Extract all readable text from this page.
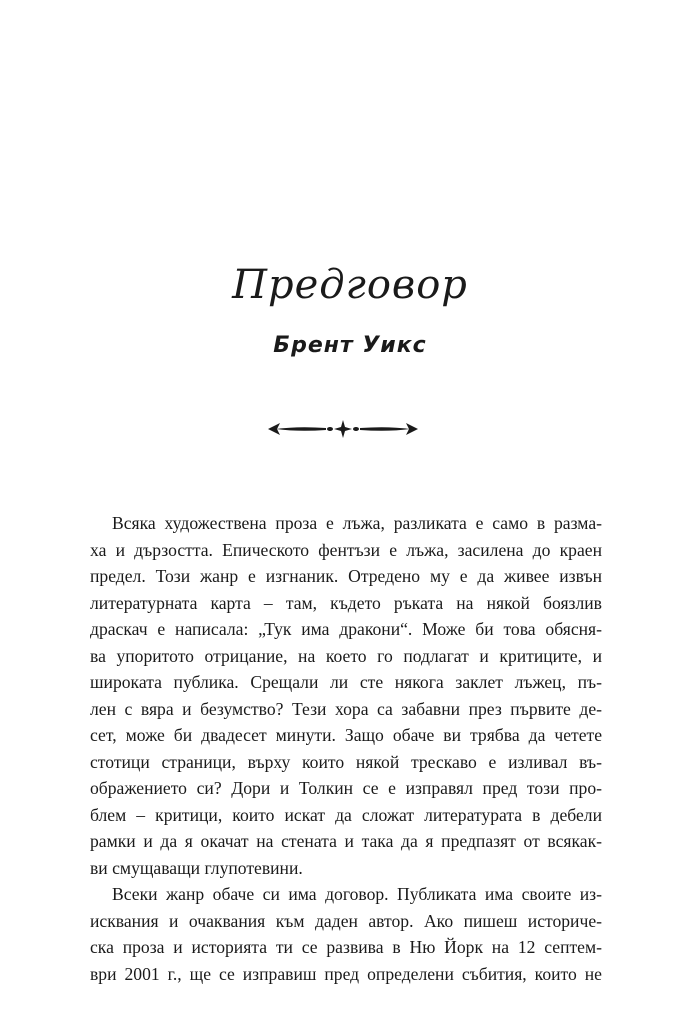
Предговор
Брент Уикс
Всяка художествена проза е лъжа, разликата е само в разма-
ха и дързостта. Епическото фентъзи е лъжа, засилена до краен
предел. Този жанр е изгнаник. Отредено му е да живее извън
литературната карта – там, където ръката на някой боязлив
драскач е написала: „Тук има дракони“. Може би това обясня-
ва упоритото отрицание, на което го подлагат и критиците, и
широката публика. Срещали ли сте някога заклет лъжец, пъ-
лен с вяра и безумство? Тези хора са забавни през първите де-
сет, може би двадесет минути. Защо обаче ви трябва да четете
стотици страници, върху които някой трескаво е изливал въ-
ображението си? Дори и Толкин се е изправял пред този про-
блем – критици, които искат да сложат литературата в дебели
рамки и да я окачат на стената и така да я предпазят от всякак-
ви смущаващи глупотевини.
Всеки жанр обаче си има договор. Публиката има своите из-
исквания и очаквания към даден автор. Ако пишеш историче-
ска проза и историята ти се развива в Ню Йорк на 12 септем-
ври 2001 г., ще се изправиш пред определени събития, които не
